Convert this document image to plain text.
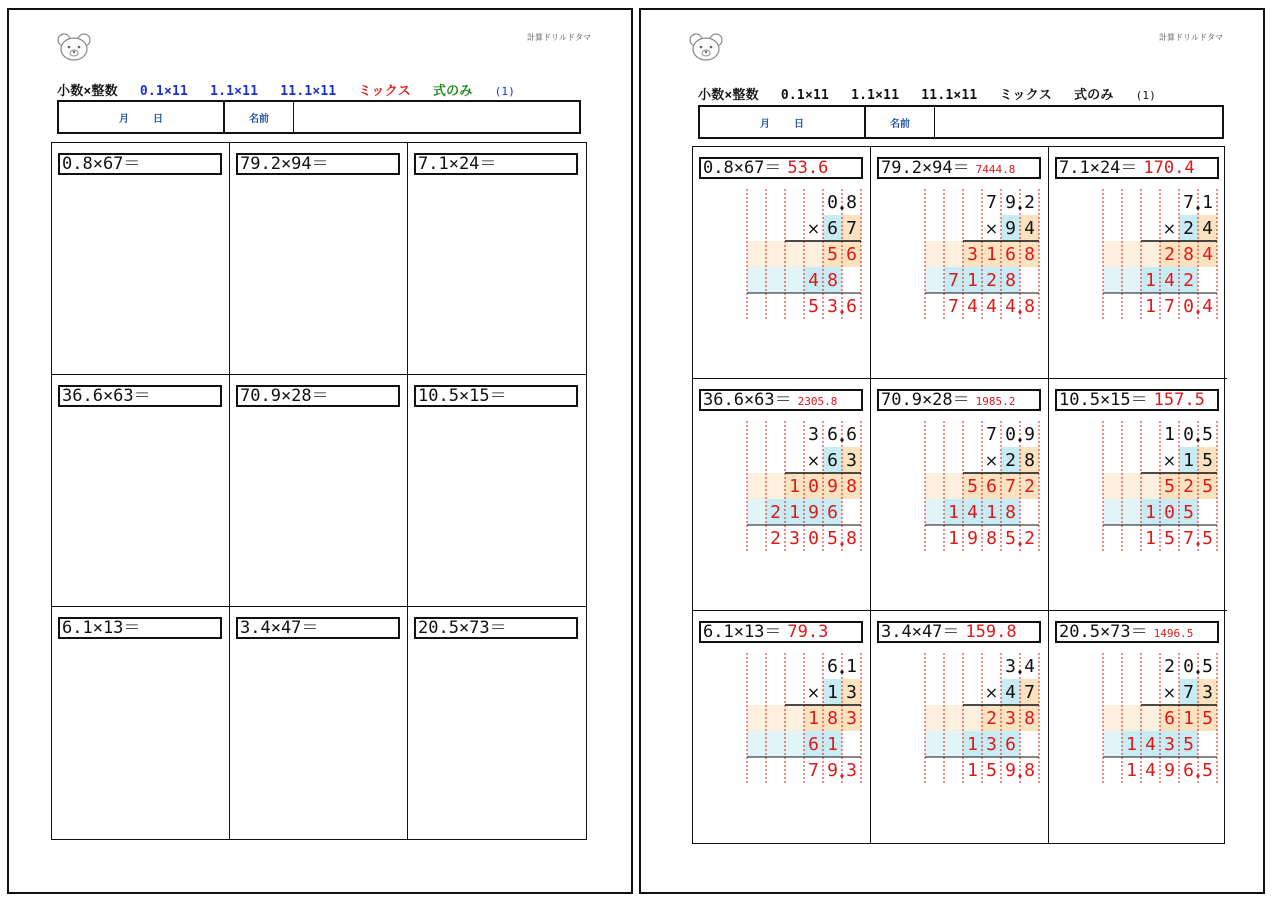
計算ドリルドタマ
小数×整数 0.1×11 1.1×11 11.1×11 ミックス 式のみ (1)
月 日	名前
0.8×67＝	79.2×94＝	7.1×24＝
36.6×63＝	70.9×28＝	10.5×15＝
6.1×13＝	3.4×47＝	20.5×73＝
計算ドリルドタマ
小数×整数 0.1×11 1.1×11 11.1×11 ミックス 式のみ (1)
月 日	名前
0.8×67＝ 53.6
0 8
6 7
×
5 6
4 8
5 3 6
79.2×94＝ 7444.8
7 9 2
9 4
×
3 1 6 8
7 1 2 8
7 4 4 4 8
7.1×24＝ 170.4
7 1
2 4
×
2 8 4
1 4 2
1 7 0 4
36.6×63＝ 2305.8
3 6 6
6 3
×
1 0 9 8
2 1 9 6
2 3 0 5 8
70.9×28＝ 1985.2
7 0 9
2 8
×
5 6 7 2
1 4 1 8
1 9 8 5 2
10.5×15＝ 157.5
1 0 5
1 5
×
5 2 5
1 0 5
1 5 7 5
6.1×13＝ 79.3
6 1
1 3
×
1 8 3
6 1
7 9 3
3.4×47＝ 159.8
3 4
4 7
×
2 3 8
1 3 6
1 5 9 8
20.5×73＝ 1496.5
2 0 5
7 3
×
6 1 5
1 4 3 5
1 4 9 6 5
